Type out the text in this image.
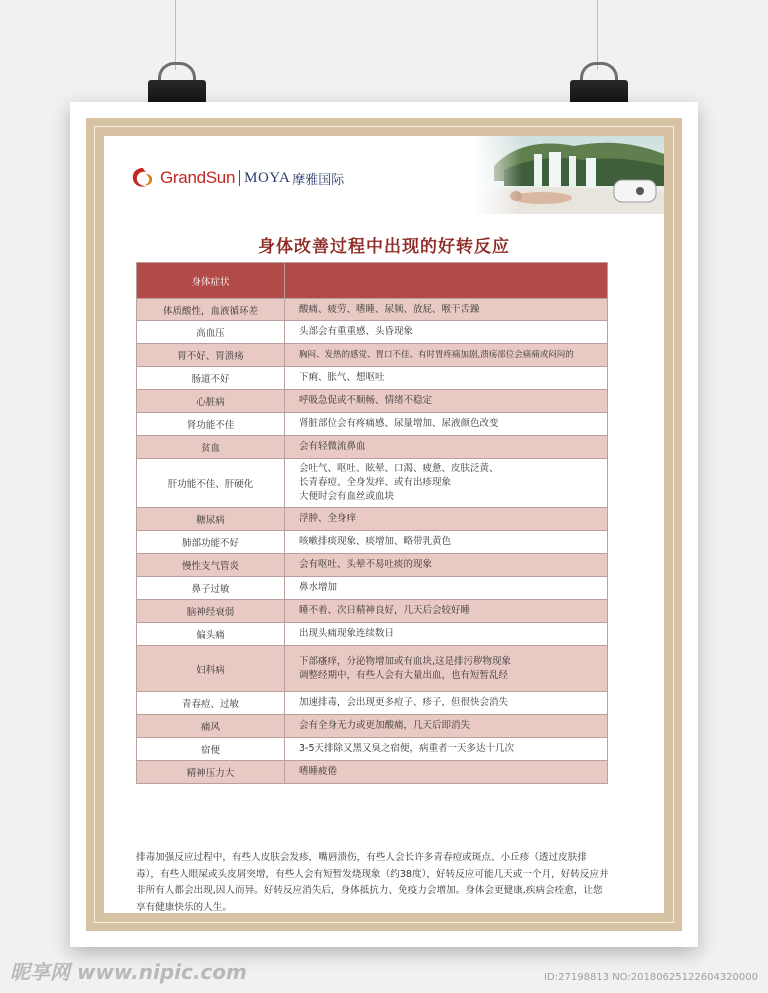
GrandSun MOYA 摩雅国际
身体改善过程中出现的好转反应
身体症状	
体质酸性，血液循环差	酸痛、疲劳、嗜睡、尿频、放屁、喉干舌躁

高血压	头部会有重重感、头昏现象

胃不好、胃溃疡	胸闷、发热的感觉、胃口不佳、有时胃疼痛加剧,溃疡部位会痛痛或闷闷的

肠道不好	下痢、胀气、想呕吐

心脏病	呼吸急促或不顺畅、情绪不稳定

肾功能不佳	肾脏部位会有疼痛感、尿量增加、尿液颜色改变

贫血	会有轻微流鼻血

肝功能不佳、肝硬化	会吐气、呕吐、眩晕、口渴、疲惫、皮肤泛黄、
长青春痘、全身发痒、或有出疹现象
大便时会有血丝或血块

糖尿病	浮肿、全身痒

肺部功能不好	咳嗽排痰现象、痰增加、略带乳黄色

慢性支气管炎	会有呕吐、头晕不易吐痰的现象

鼻子过敏	鼻水增加

脑神经衰弱	睡不着、次日精神良好，几天后会较好睡

偏头痛	出现头痛现象连续数日

妇科病	下部瘙痒，分泌物增加或有血块,这是排污秽物现象
调整经期中，有些人会有大量出血，也有短暂乱经

青春痘、过敏	加速排毒，会出现更多痘子、疹子，但很快会消失

痛风	会有全身无力或更加酸痛，几天后即消失

宿便	3-5天排除又黑又臭之宿便，病重者一天多达十几次

精神压力大	嗜睡疲倦
排毒加强反应过程中，有些人皮肤会发疹，嘴唇溃伤，有些人会长许多青春痘或斑点、小丘疹（透过皮肤排毒），有些人眼屎或头皮屑突增，有些人会有短暂发烧现象（约38度），好转反应可能几天或一个月，好转反应并非所有人都会出现,因人而异。好转反应消失后，身体抵抗力、免疫力会增加。身体会更健康,疾病会痊愈，让您享有健康快乐的人生。
昵享网 www.nipic.com	ID:27198813 NO:20180625122604320000
